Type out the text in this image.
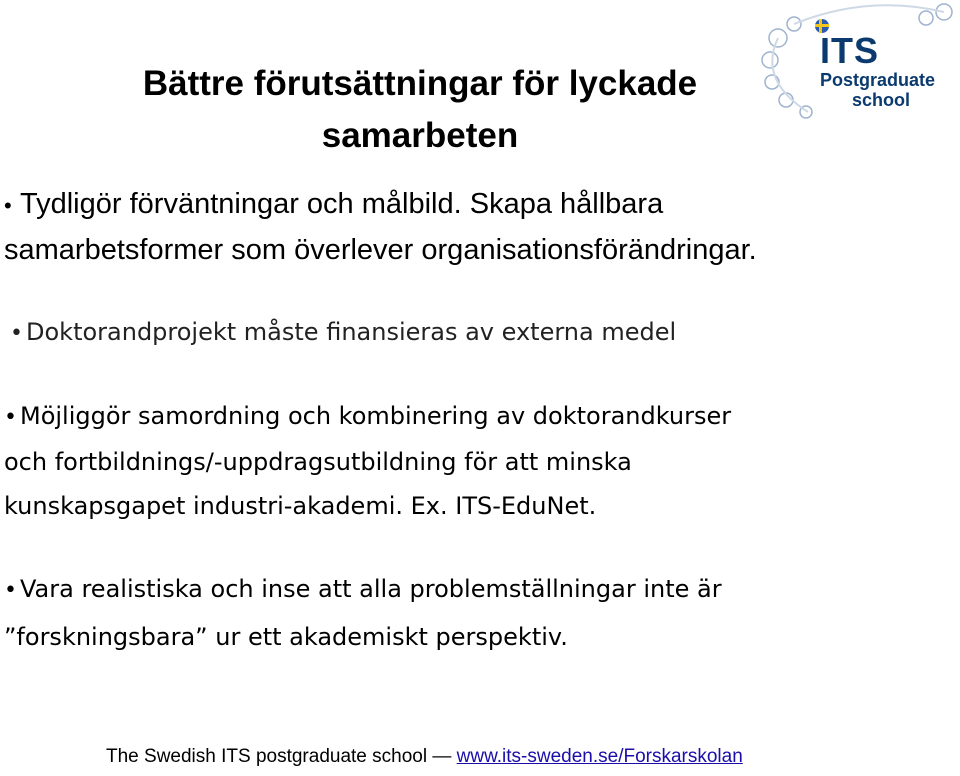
Bättre förutsättningar för lyckade
samarbeten
ITS
Postgraduate
school
• Tydligör förväntningar och målbild. Skapa hållbara
samarbetsformer som överlever organisationsförändringar.
• Doktorandprojekt måste finansieras av externa medel
• Möjliggör samordning och kombinering av doktorandkurser
och fortbildnings/-uppdragsutbildning för att minska
kunskapsgapet industri-akademi. Ex. ITS-EduNet.
• Vara realistiska och inse att alla problemställningar inte är
”forskningsbara” ur ett akademiskt perspektiv.
The Swedish ITS postgraduate school — www.its-sweden.se/Forskarskolan
